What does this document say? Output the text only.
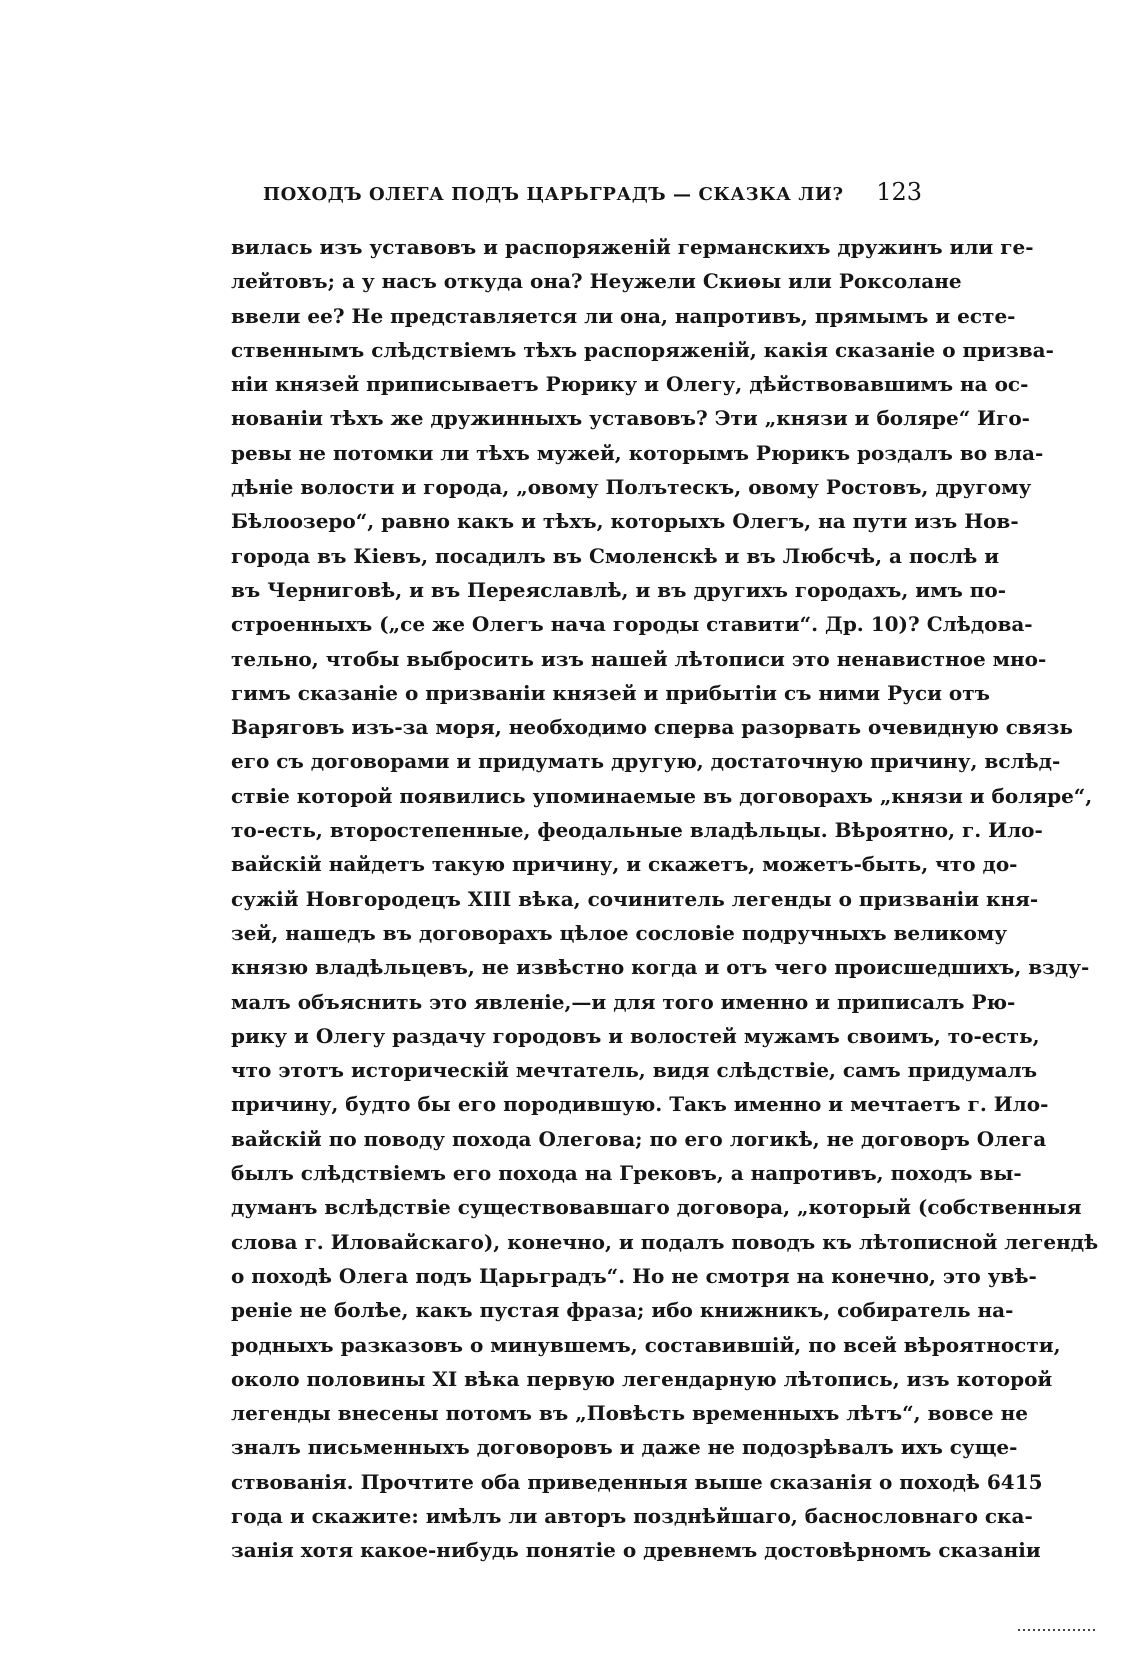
ПОХОДЪ ОЛЕГА ПОДЪ ЦАРЬГРАДЪ — СКАЗКА ЛИ? 123
вилась изъ уставовъ и распоряженій германскихъ дружинъ или ге-
лейтовъ; а у насъ откуда она? Неужели Скиѳы или Роксолане
ввели ее? Не представляется ли она, напротивъ, прямымъ и есте-
ственнымъ слѣдствіемъ тѣхъ распоряженій, какія сказаніе о призва-
ніи князей приписываетъ Рюрику и Олегу, дѣйствовавшимъ на ос-
нованіи тѣхъ же дружинныхъ уставовъ? Эти „князи и боляре“ Иго-
ревы не потомки ли тѣхъ мужей, которымъ Рюрикъ роздалъ во вла-
дѣніе волости и города, „овому Полътескъ, овому Ростовъ, другому
Бѣлоозеро“, равно какъ и тѣхъ, которыхъ Олегъ, на пути изъ Нов-
города въ Кіевъ, посадилъ въ Смоленскѣ и въ Любсчѣ, а послѣ и
въ Черниговѣ, и въ Переяславлѣ, и въ другихъ городахъ, имъ по-
строенныхъ („се же Олегъ нача городы ставити“. Др. 10)? Слѣдова-
тельно, чтобы выбросить изъ нашей лѣтописи это ненавистное мно-
гимъ сказаніе о призваніи князей и прибытіи съ ними Руси отъ
Варяговъ изъ-за моря, необходимо сперва разорвать очевидную связь
его съ договорами и придумать другую, достаточную причину, вслѣд-
ствіе которой появились упоминаемые въ договорахъ „князи и боляре“,
то-есть, второстепенные, феодальные владѣльцы. Вѣроятно, г. Ило-
вайскій найдетъ такую причину, и скажетъ, можетъ-быть, что до-
сужій Новгородецъ XIII вѣка, сочинитель легенды о призваніи кня-
зей, нашедъ въ договорахъ цѣлое сословіе подручныхъ великому
князю владѣльцевъ, не извѣстно когда и отъ чего происшедшихъ, взду-
малъ объяснить это явленіе,—и для того именно и приписалъ Рю-
рику и Олегу раздачу городовъ и волостей мужамъ своимъ, то-есть,
что этотъ историческій мечтатель, видя слѣдствіе, самъ придумалъ
причину, будто бы его породившую. Такъ именно и мечтаетъ г. Ило-
вайскій по поводу похода Олегова; по его логикѣ, не договоръ Олега
былъ слѣдствіемъ его похода на Грековъ, а напротивъ, походъ вы-
думанъ вслѣдствіе существовавшаго договора, „который (собственныя
слова г. Иловайскаго), конечно, и подалъ поводъ къ лѣтописной легендѣ
о походѣ Олега подъ Царьградъ“. Но не смотря на конечно, это увѣ-
реніе не болѣе, какъ пустая фраза; ибо книжникъ, собиратель на-
родныхъ разказовъ о минувшемъ, составившій, по всей вѣроятности,
около половины XI вѣка первую легендарную лѣтопись, изъ которой
легенды внесены потомъ въ „Повѣсть временныхъ лѣтъ“, вовсе не
зналъ письменныхъ договоровъ и даже не подозрѣвалъ ихъ суще-
ствованія. Прочтите оба приведенныя выше сказанія о походѣ 6415
года и скажите: имѣлъ ли авторъ позднѣйшаго, баснословнаго ска-
занія хотя какое-нибудь понятіе о древнемъ достовѣрномъ сказаніи
